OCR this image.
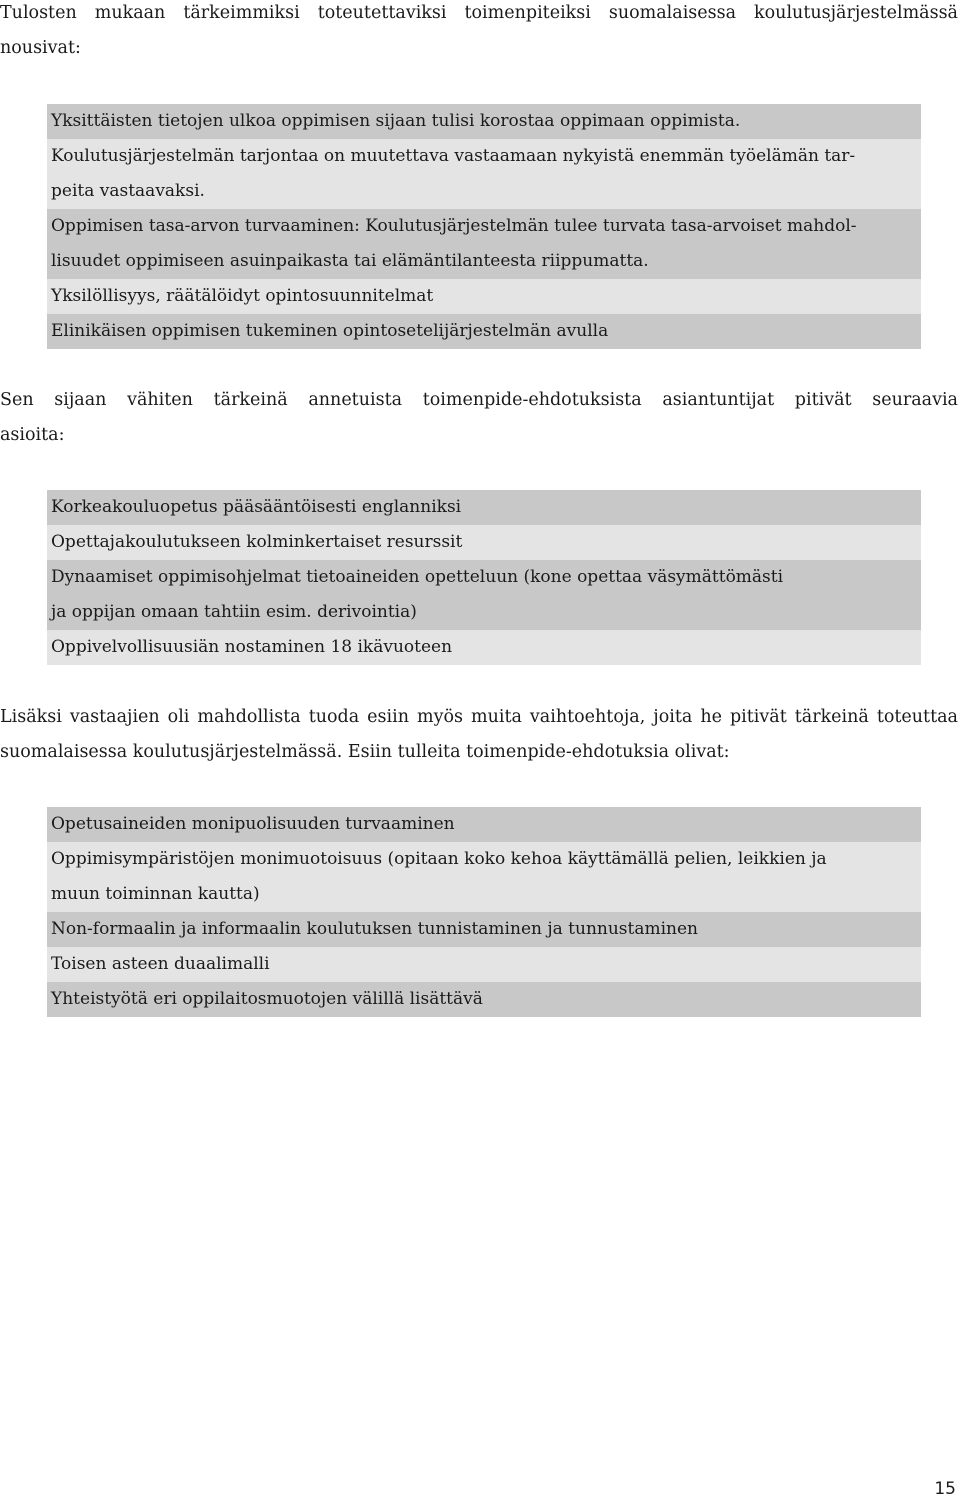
Tulosten mukaan tärkeimmiksi toteutettaviksi toimenpiteiksi suomalaisessa koulutusjärjestelmässä
nousivat:
Yksittäisten tietojen ulkoa oppimisen sijaan tulisi korostaa oppimaan oppimista.
Koulutusjärjestelmän tarjontaa on muutettava vastaamaan nykyistä enemmän työelämän tar-
peita vastaavaksi.
Oppimisen tasa-arvon turvaaminen: Koulutusjärjestelmän tulee turvata tasa-arvoiset mahdol-
lisuudet oppimiseen asuinpaikasta tai elämäntilanteesta riippumatta.
Yksilöllisyys, räätälöidyt opintosuunnitelmat
Elinikäisen oppimisen tukeminen opintosetelijärjestelmän avulla
Sen sijaan vähiten tärkeinä annetuista toimenpide-ehdotuksista asiantuntijat pitivät seuraavia
asioita:
Korkeakouluopetus pääsääntöisesti englanniksi
Opettajakoulutukseen kolminkertaiset resurssit
Dynaamiset oppimisohjelmat tietoaineiden opetteluun (kone opettaa väsymättömästi
ja oppijan omaan tahtiin esim. derivointia)
Oppivelvollisuusiän nostaminen 18 ikävuoteen
Lisäksi vastaajien oli mahdollista tuoda esiin myös muita vaihtoehtoja, joita he pitivät tärkeinä toteuttaa
suomalaisessa koulutusjärjestelmässä. Esiin tulleita toimenpide-ehdotuksia olivat:
Opetusaineiden monipuolisuuden turvaaminen
Oppimisympäristöjen monimuotoisuus (opitaan koko kehoa käyttämällä pelien, leikkien ja
muun toiminnan kautta)
Non-formaalin ja informaalin koulutuksen tunnistaminen ja tunnustaminen
Toisen asteen duaalimalli
Yhteistyötä eri oppilaitosmuotojen välillä lisättävä
15
